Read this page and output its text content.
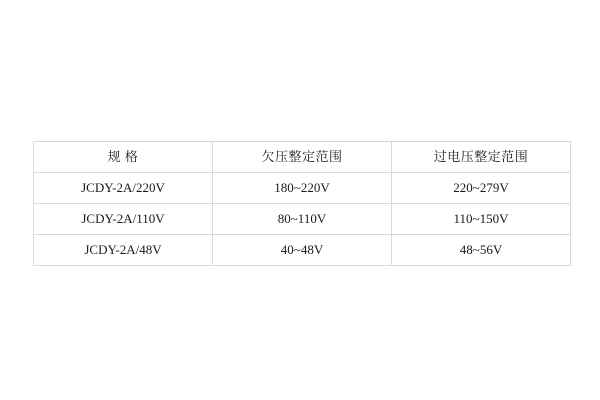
规 格	欠压整定范围	过电压整定范围
JCDY-2A/220V	180~220V	220~279V
JCDY-2A/110V	80~110V	110~150V
JCDY-2A/48V	40~48V	48~56V
